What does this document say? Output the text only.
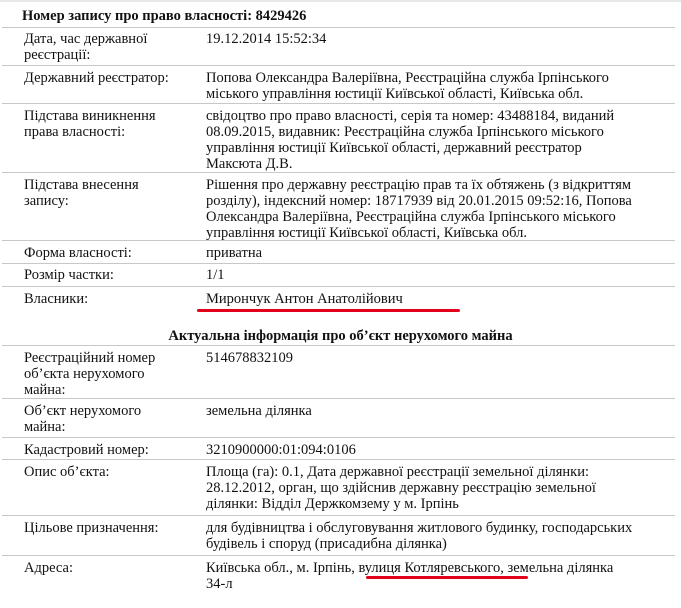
Номер запису про право власності: 8429426
Дата, час державної
реєстрації:
19.12.2014 15:52:34
Державний реєстратор:	Попова Олександра Валеріївна, Реєстраційна служба Ірпінського
міського управління юстиції Київської області, Київська обл.
Підстава виникнення
права власності:
свідоцтво про право власності, серія та номер: 43488184, виданий
08.09.2015, видавник: Реєстраційна служба Ірпінського міського
управління юстиції Київської області, державний реєстратор
Максюта Д.В.
Підстава внесення
запису:
Рішення про державну реєстрацію прав та їх обтяжень (з відкриттям
розділу), індексний номер: 18717939 від 20.01.2015 09:52:16, Попова
Олександра Валеріївна, Реєстраційна служба Ірпінського міського
управління юстиції Київської області, Київська обл.
Форма власності:	приватна
Розмір частки:	1/1
Власники:	Мирончук Антон Анатолійович
Актуальна інформація про об’єкт нерухомого майна
Реєстраційний номер
об’єкта нерухомого
майна:
514678832109
Об’єкт нерухомого
майна:
земельна ділянка
Кадастровий номер:	3210900000:01:094:0106
Опис об’єкта:	Площа (га): 0.1, Дата державної реєстрації земельної ділянки:
28.12.2012, орган, що здійснив державну реєстрацію земельної
ділянки: Відділ Держкомзему у м. Ірпінь
Цільове призначення:	для будівництва і обслуговування житлового будинку, господарських
будівель і споруд (присадибна ділянка)
Адреса:	Київська обл., м. Ірпінь, вулиця Котляревського, земельна ділянка
34-л
